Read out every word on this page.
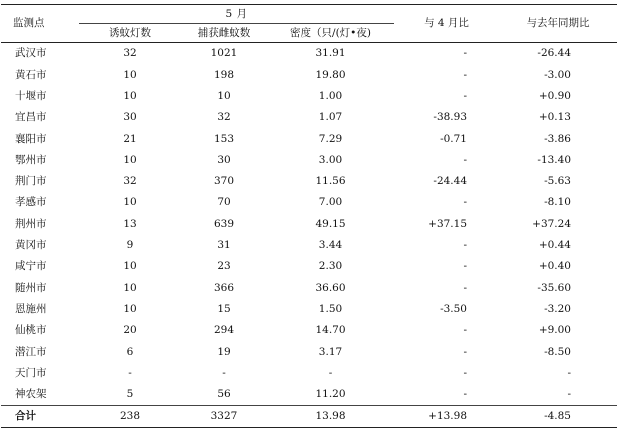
监测点	5 月			与 4 月比	与去年同期比
	诱蚊灯数	捕获雌蚊数	密度（只/(灯•夜)		
武汉市	32	1021	31.91	-	-26.44
黄石市	10	198	19.80	-	-3.00
十堰市	10	10	1.00	-	+0.90
宜昌市	30	32	1.07	-38.93	+0.13
襄阳市	21	153	7.29	-0.71	-3.86
鄂州市	10	30	3.00	-	-13.40
荆门市	32	370	11.56	-24.44	-5.63
孝感市	10	70	7.00	-	-8.10
荆州市	13	639	49.15	+37.15	+37.24
黄冈市	9	31	3.44	-	+0.44
咸宁市	10	23	2.30	-	+0.40
随州市	10	366	36.60	-	-35.60
恩施州	10	15	1.50	-3.50	-3.20
仙桃市	20	294	14.70	-	+9.00
潜江市	6	19	3.17	-	-8.50
天门市	-	-	-	-	-
神农架	5	56	11.20	-	-
合计	238	3327	13.98	+13.98	-4.85
